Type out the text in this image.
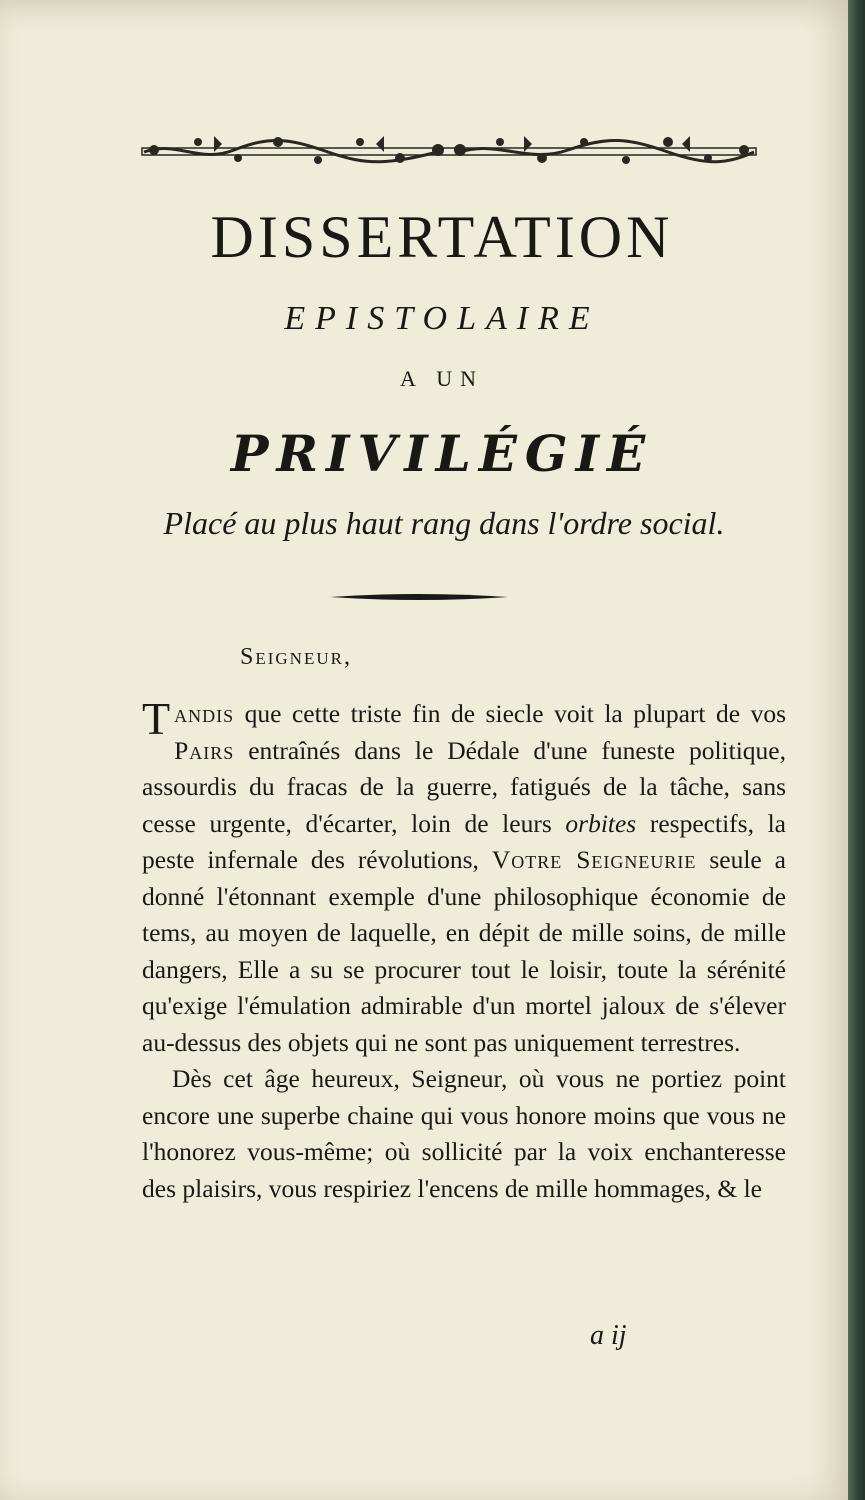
DISSERTATION
EPISTOLAIRE
A UN
PRIVILÉGIÉ
Placé au plus haut rang dans l'ordre social.
Seigneur,

Tandis que cette triste fin de siecle voit la plupart de vos Pairs entraînés dans le Dédale d'une funeste politique, assourdis du fracas de la guerre, fatigués de la tâche, sans cesse urgente, d'écarter, loin de leurs orbites respectifs, la peste infernale des révolutions, Votre Seigneurie seule a donné l'étonnant exemple d'une philosophique économie de tems, au moyen de laquelle, en dépit de mille soins, de mille dangers, Elle a su se procurer tout le loisir, toute la sérénité qu'exige l'émulation admirable d'un mortel jaloux de s'élever au-dessus des objets qui ne sont pas uniquement terrestres.

Dès cet âge heureux, Seigneur, où vous ne portiez point encore une superbe chaine qui vous honore moins que vous ne l'honorez vous-même; où sollicité par la voix enchanteresse des plaisirs, vous respiriez l'encens de mille hommages, & le

a ij
